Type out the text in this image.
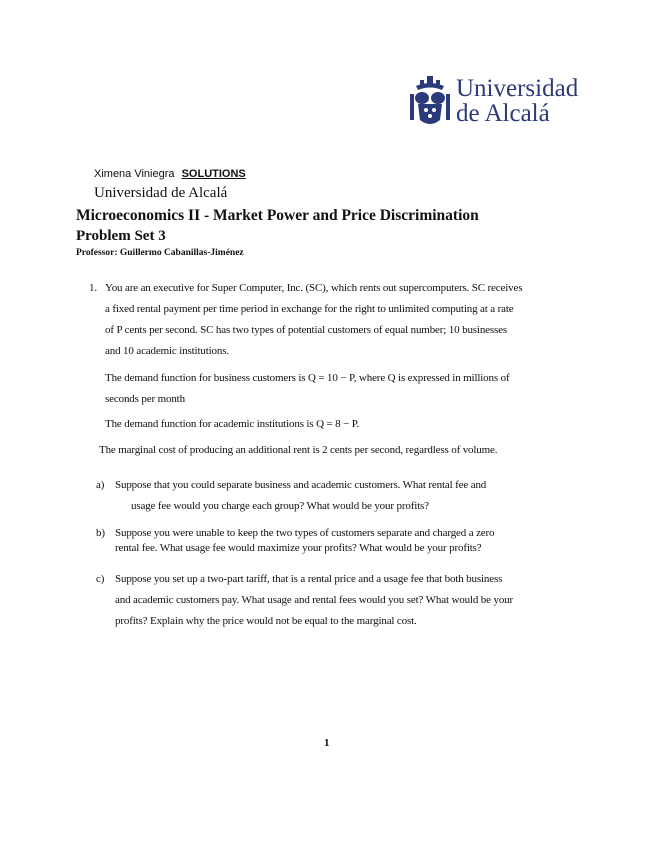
Universidad
de Alcalá
Ximena Viniegra SOLUTIONS
Universidad de Alcalá
Microeconomics II - Market Power and Price Discrimination
Problem Set 3
Professor: Guillermo Cabanillas-Jiménez
1. You are an executive for Super Computer, Inc. (SC), which rents out supercomputers. SC receives
a fixed rental payment per time period in exchange for the right to unlimited computing at a rate
of P cents per second. SC has two types of potential customers of equal number; 10 businesses
and 10 academic institutions.
The demand function for business customers is Q = 10 − P, where Q is expressed in millions of
seconds per month
The demand function for academic institutions is Q = 8 − P.
The marginal cost of producing an additional rent is 2 cents per second, regardless of volume.
a) Suppose that you could separate business and academic customers. What rental fee and
usage fee would you charge each group? What would be your profits?
b) Suppose you were unable to keep the two types of customers separate and charged a zero
rental fee. What usage fee would maximize your profits? What would be your profits?
c) Suppose you set up a two-part tariff, that is a rental price and a usage fee that both business
and academic customers pay. What usage and rental fees would you set? What would be your
profits? Explain why the price would not be equal to the marginal cost.
1
